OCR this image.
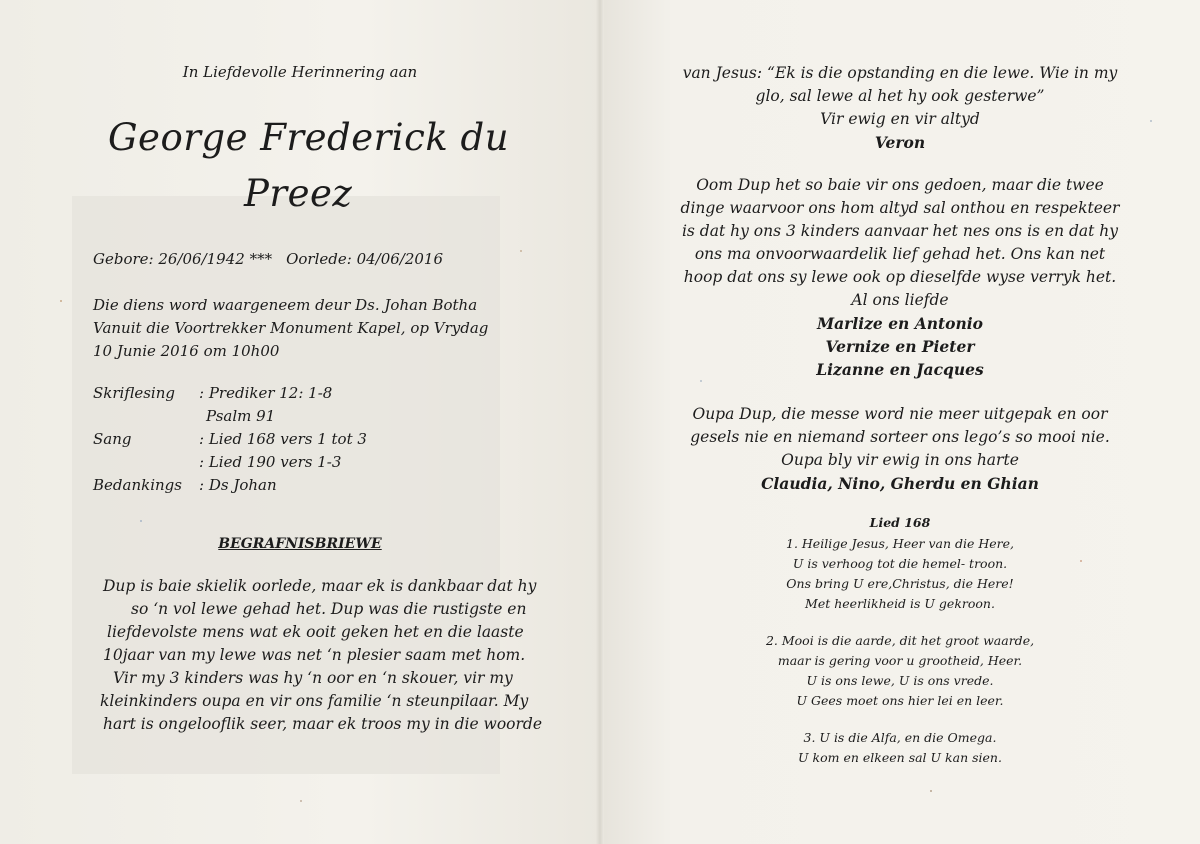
In Liefdevolle Herinnering aan
George Frederick du
Preez
Gebore: 26/06/1942 *** Oorlede: 04/06/2016
Die diens word waargeneem deur Ds. Johan Botha
Vanuit die Voortrekker Monument Kapel, op Vrydag
10 Junie 2016 om 10h00
Skriflesing : Prediker 12: 1-8
Psalm 91
Sang	: Lied 168 vers 1 tot 3
: Lied 190 vers 1-3
Bedankings : Ds Johan
BEGRAFNISBRIEWE
Dup is baie skielik oorlede, maar ek is dankbaar dat hy
so ‘n vol lewe gehad het. Dup was die rustigste en
liefdevolste mens wat ek ooit geken het en die laaste
10jaar van my lewe was net ‘n plesier saam met hom.
Vir my 3 kinders was hy ‘n oor en ‘n skouer, vir my
kleinkinders oupa en vir ons familie ‘n steunpilaar. My
hart is ongelooflik seer, maar ek troos my in die woorde
van Jesus: “Ek is die opstanding en die lewe. Wie in my
glo, sal lewe al het hy ook gesterwe”
Vir ewig en vir altyd
Veron
Oom Dup het so baie vir ons gedoen, maar die twee
dinge waarvoor ons hom altyd sal onthou en respekteer
is dat hy ons 3 kinders aanvaar het nes ons is en dat hy
ons ma onvoorwaardelik lief gehad het. Ons kan net
hoop dat ons sy lewe ook op dieselfde wyse verryk het.
Al ons liefde
Marlize en Antonio
Vernize en Pieter
Lizanne en Jacques
Oupa Dup, die messe word nie meer uitgepak en oor
gesels nie en niemand sorteer ons lego’s so mooi nie.
Oupa bly vir ewig in ons harte
Claudia, Nino, Gherdu en Ghian
Lied 168
1. Heilige Jesus, Heer van die Here,
U is verhoog tot die hemel- troon.
Ons bring U ere,Christus, die Here!
Met heerlikheid is U gekroon.
2. Mooi is die aarde, dit het groot waarde,
maar is gering voor u grootheid, Heer.
U is ons lewe, U is ons vrede.
U Gees moet ons hier lei en leer.
3. U is die Alfa, en die Omega.
U kom en elkeen sal U kan sien.
